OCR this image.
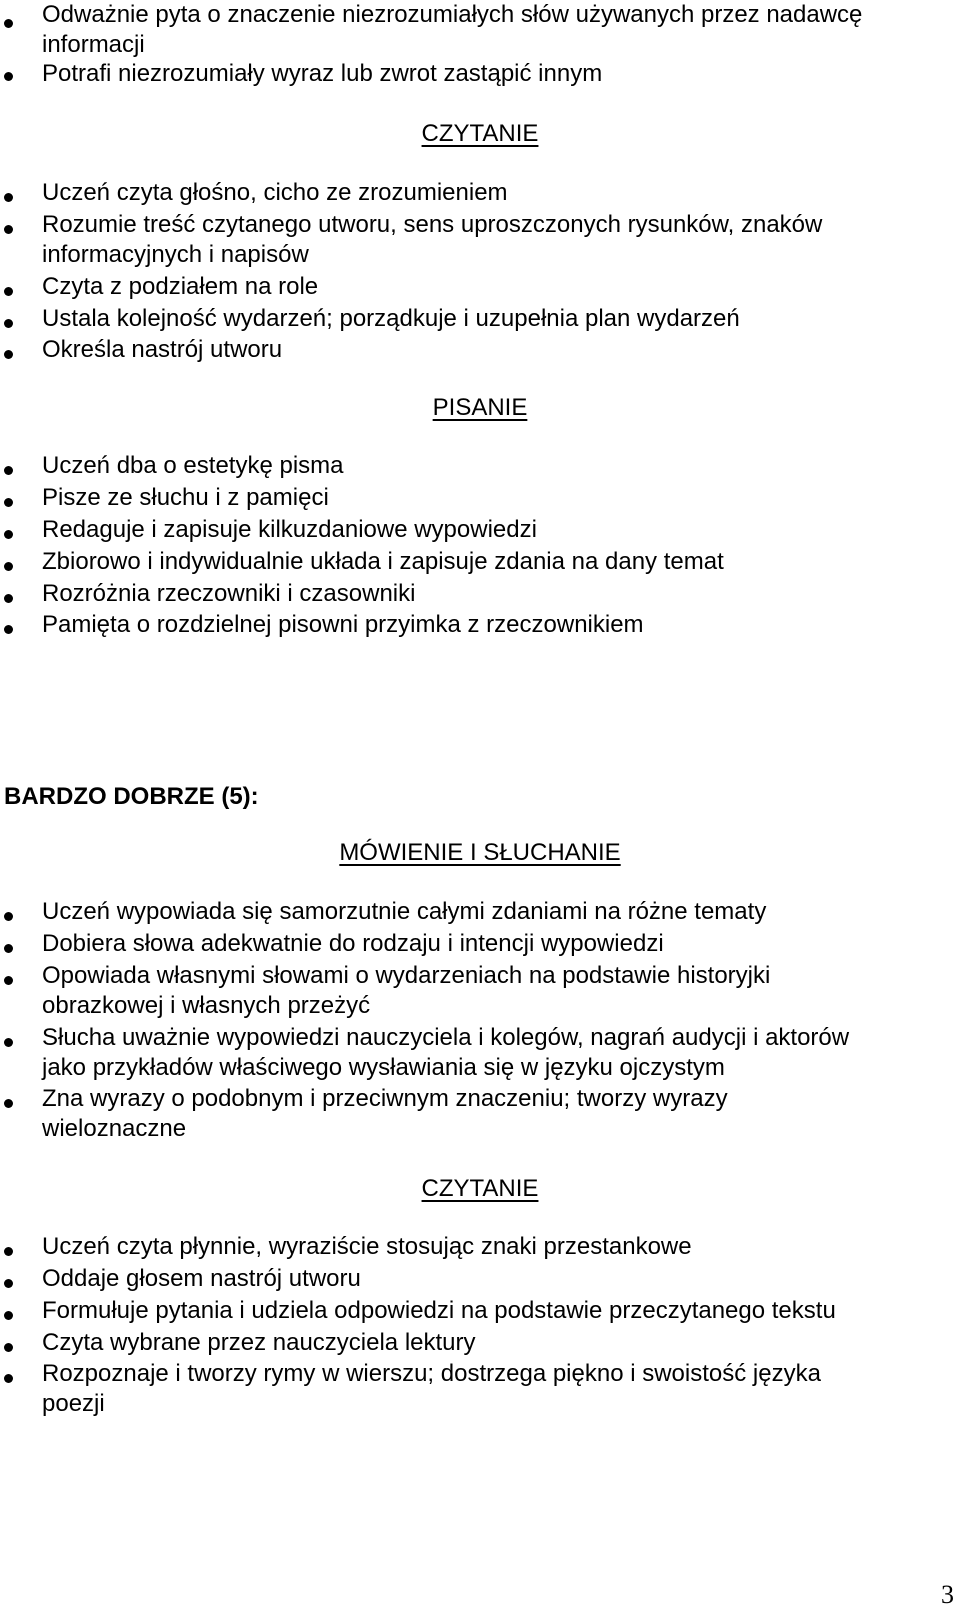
Odważnie pyta o znaczenie niezrozumiałych słów używanych przez nadawcę
informacji
Potrafi niezrozumiały wyraz lub zwrot zastąpić innym
CZYTANIE
Uczeń czyta głośno, cicho ze zrozumieniem
Rozumie treść czytanego utworu, sens uproszczonych rysunków, znaków
informacyjnych i napisów
Czyta z podziałem na role
Ustala kolejność wydarzeń; porządkuje i uzupełnia plan wydarzeń
Określa nastrój utworu
PISANIE
Uczeń dba o estetykę pisma
Pisze ze słuchu i z pamięci
Redaguje i zapisuje kilkuzdaniowe wypowiedzi
Zbiorowo i indywidualnie układa i zapisuje zdania na dany temat
Rozróżnia rzeczowniki i czasowniki
Pamięta o rozdzielnej pisowni przyimka z rzeczownikiem
BARDZO DOBRZE (5):
MÓWIENIE I SŁUCHANIE
Uczeń wypowiada się samorzutnie całymi zdaniami na różne tematy
Dobiera słowa adekwatnie do rodzaju i intencji wypowiedzi
Opowiada własnymi słowami o wydarzeniach na podstawie historyjki
obrazkowej i własnych przeżyć
Słucha uważnie wypowiedzi nauczyciela i kolegów, nagrań audycji i aktorów
jako przykładów właściwego wysławiania się w języku ojczystym
Zna wyrazy o podobnym i przeciwnym znaczeniu; tworzy wyrazy
wieloznaczne
CZYTANIE
Uczeń czyta płynnie, wyraziście stosując znaki przestankowe
Oddaje głosem nastrój utworu
Formułuje pytania i udziela odpowiedzi na podstawie przeczytanego tekstu
Czyta wybrane przez nauczyciela lektury
Rozpoznaje i tworzy rymy w wierszu; dostrzega piękno i swoistość języka
poezji
3
